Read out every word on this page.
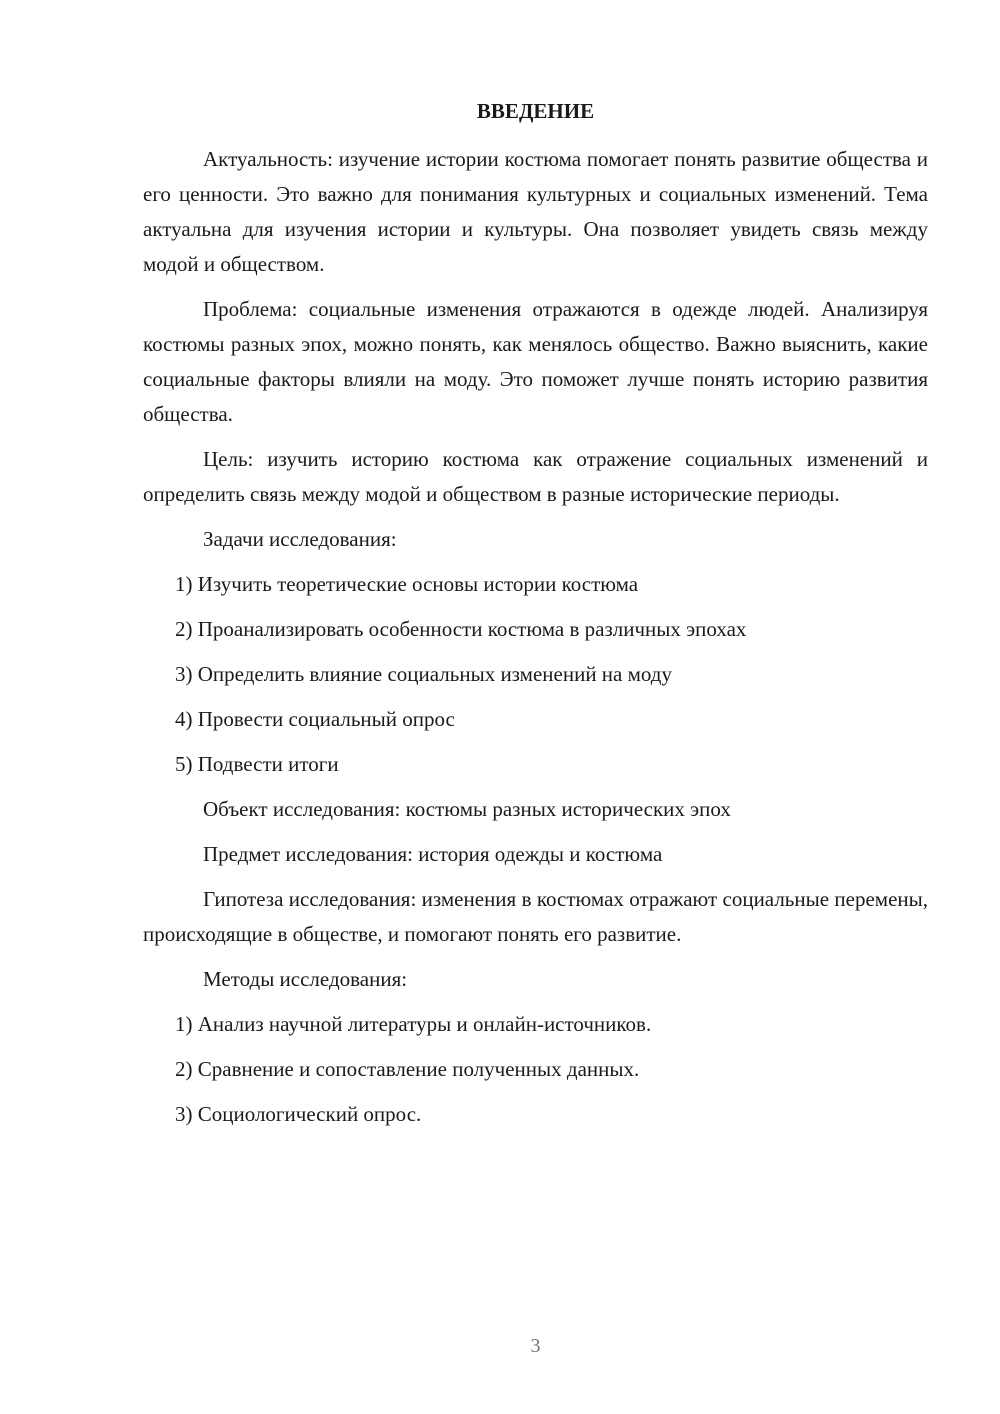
ВВЕДЕНИЕ

Актуальность: изучение истории костюма помогает понять развитие общества и его ценности. Это важно для понимания культурных и социальных изменений. Тема актуальна для изучения истории и культуры. Она позволяет увидеть связь между модой и обществом.

Проблема: социальные изменения отражаются в одежде людей. Анализируя костюмы разных эпох, можно понять, как менялось общество. Важно выяснить, какие социальные факторы влияли на моду. Это поможет лучше понять историю развития общества.

Цель: изучить историю костюма как отражение социальных изменений и определить связь между модой и обществом в разные исторические периоды.

Задачи исследования:

1) Изучить теоретические основы истории костюма

2) Проанализировать особенности костюма в различных эпохах

3) Определить влияние социальных изменений на моду

4) Провести социальный опрос

5) Подвести итоги

Объект исследования: костюмы разных исторических эпох

Предмет исследования: история одежды и костюма

Гипотеза исследования: изменения в костюмах отражают социальные перемены, происходящие в обществе, и помогают понять его развитие.

Методы исследования:

1) Анализ научной литературы и онлайн-источников.

2) Сравнение и сопоставление полученных данных.

3) Социологический опрос.

3
